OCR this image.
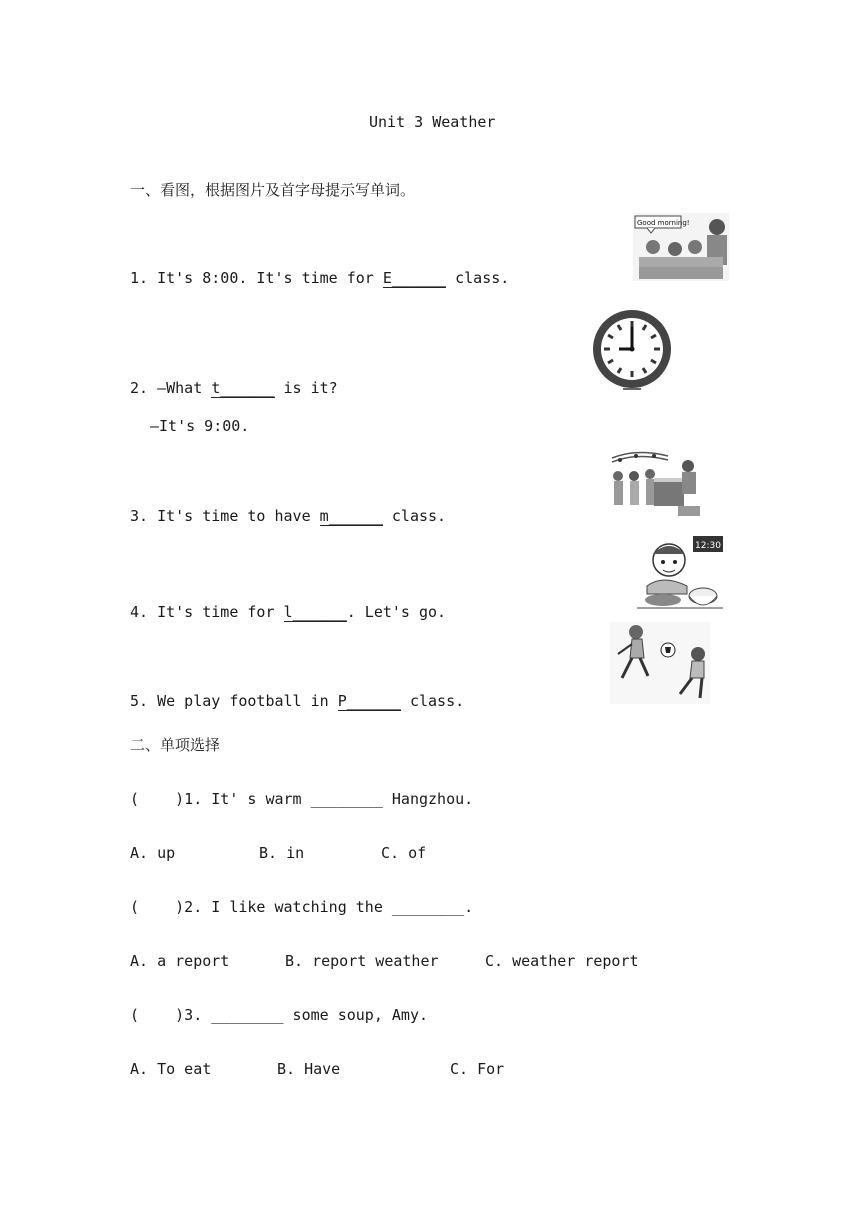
Unit 3 Weather
一、看图，根据图片及首字母提示写单词。
1. It's 8:00. It's time for E______ class.
2. —What t______ is it?
—It's 9:00.
3. It's time to have m______ class.
4. It's time for l______. Let's go.
5. We play football in P______ class.
Good morning!
12:30
二、单项选择
(    )1. It' s warm ________ Hangzhou.
A. up	B. in	C. of
(    )2. I like watching the ________.
A. a report	B. report weather	C. weather report
(    )3. ________ some soup, Amy.
A. To eat	B. Have	C. For
